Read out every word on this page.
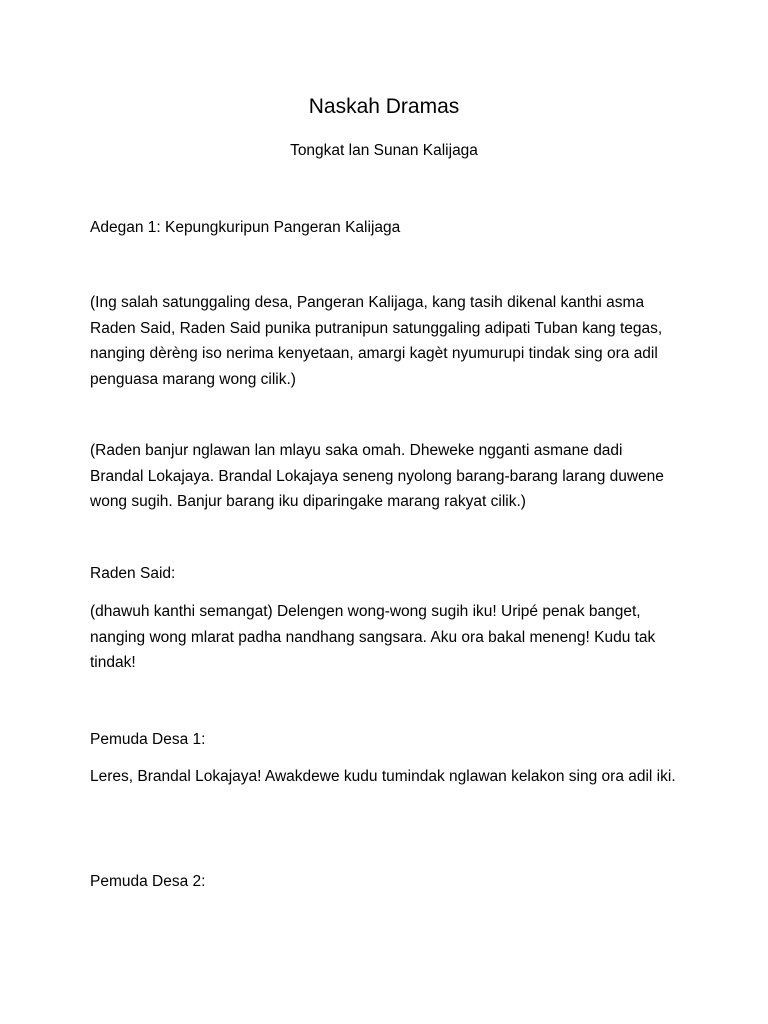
Naskah Dramas

Tongkat lan Sunan Kalijaga

Adegan 1: Kepungkuripun Pangeran Kalijaga

(Ing salah satunggaling desa, Pangeran Kalijaga, kang tasih dikenal kanthi asma Raden Said, Raden Said punika putranipun satunggaling adipati Tuban kang tegas, nanging dèrèng iso nerima kenyetaan, amargi kagèt nyumurupi tindak sing ora adil penguasa marang wong cilik.)

(Raden banjur nglawan lan mlayu saka omah. Dheweke ngganti asmane dadi Brandal Lokajaya. Brandal Lokajaya seneng nyolong barang-barang larang duwene wong sugih. Banjur barang iku diparingake marang rakyat cilik.)

Raden Said:

(dhawuh kanthi semangat) Delengen wong-wong sugih iku! Uripé penak banget, nanging wong mlarat padha nandhang sangsara. Aku ora bakal meneng! Kudu tak tindak!

Pemuda Desa 1:

Leres, Brandal Lokajaya! Awakdewe kudu tumindak nglawan kelakon sing ora adil iki.

Pemuda Desa 2:
